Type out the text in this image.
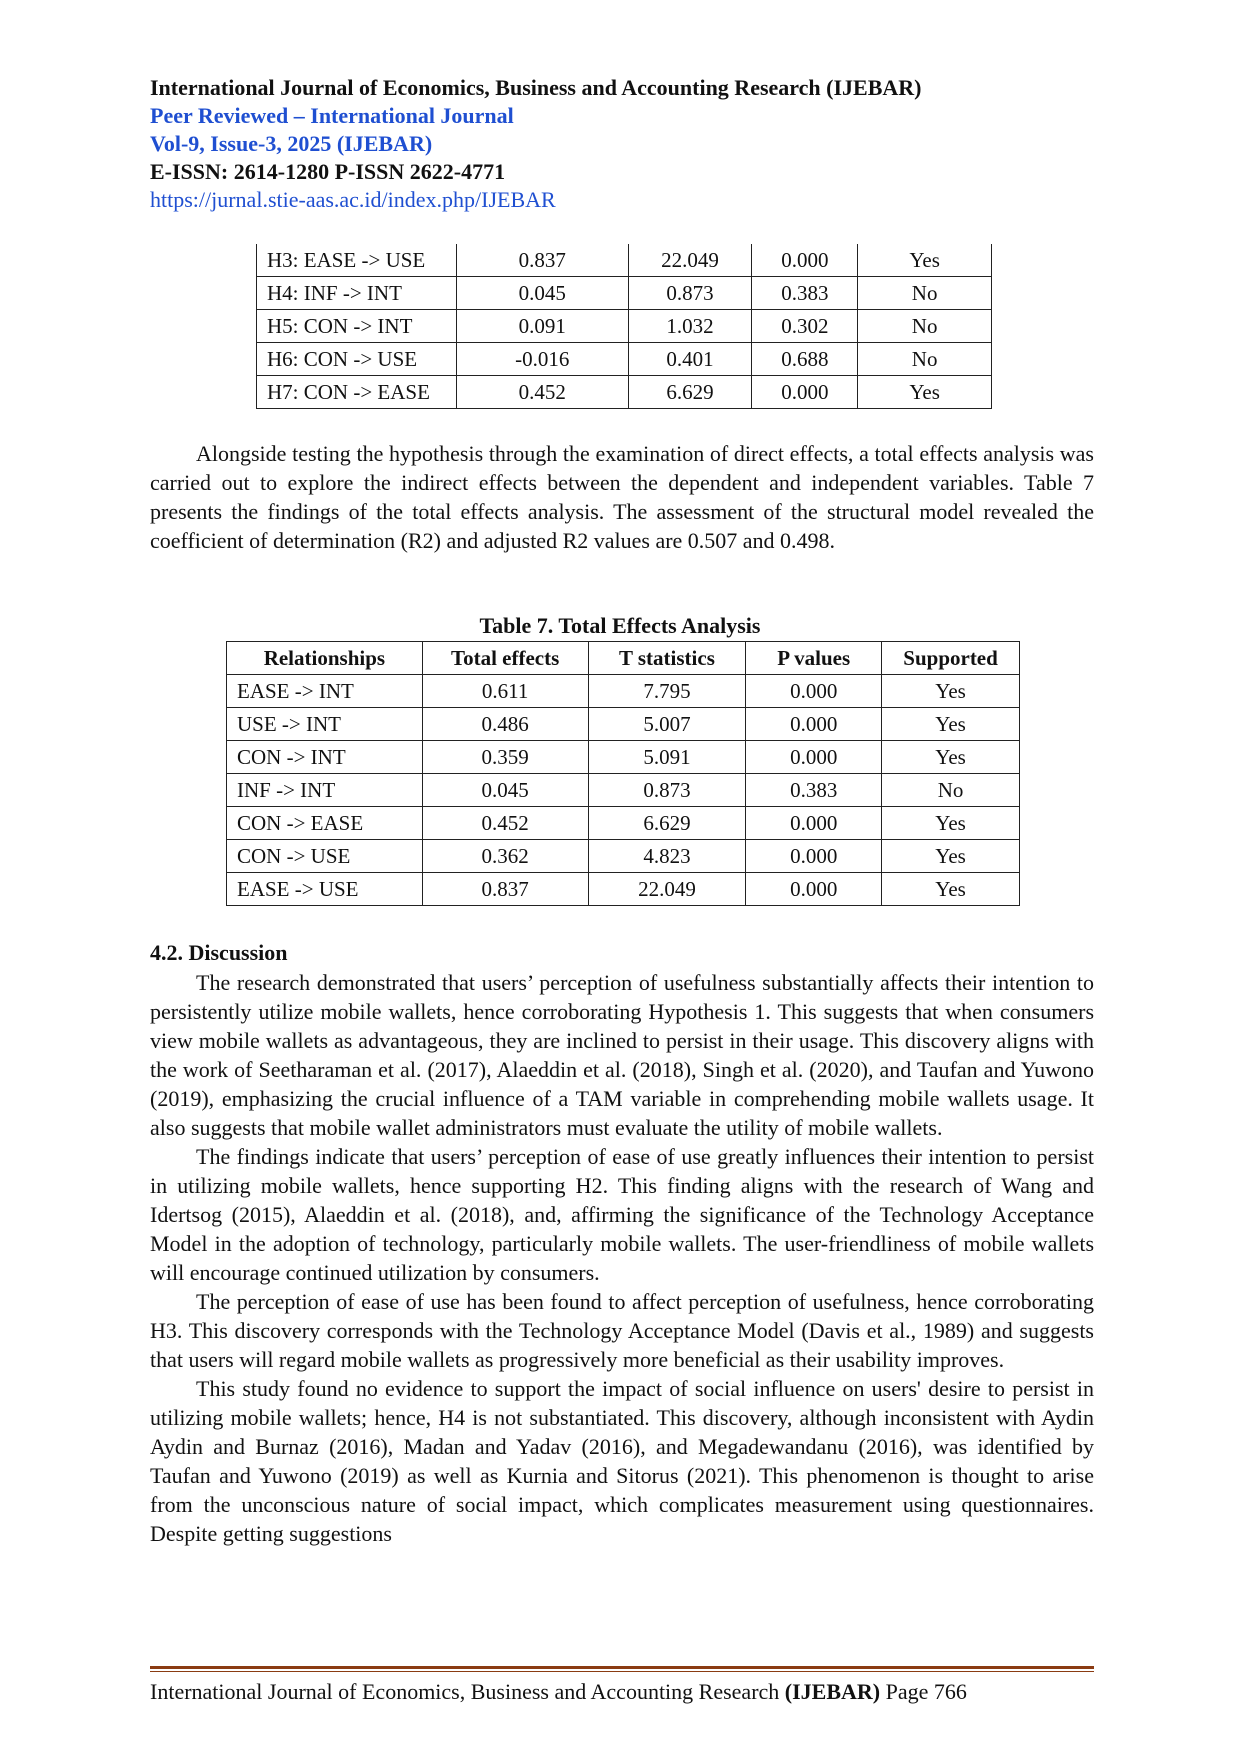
International Journal of Economics, Business and Accounting Research (IJEBAR)
Peer Reviewed – International Journal
Vol-9, Issue-3, 2025 (IJEBAR)
E-ISSN: 2614-1280 P-ISSN 2622-4771
https://jurnal.stie-aas.ac.id/index.php/IJEBAR
H3: EASE -> USE	0.837	22.049	0.000	Yes
H4: INF -> INT	0.045	0.873	0.383	No
H5: CON -> INT	0.091	1.032	0.302	No
H6: CON -> USE	-0.016	0.401	0.688	No
H7: CON -> EASE	0.452	6.629	0.000	Yes

Alongside testing the hypothesis through the examination of direct effects, a total effects analysis was carried out to explore the indirect effects between the dependent and independent variables. Table 7 presents the findings of the total effects analysis. The assessment of the structural model revealed the coefficient of determination (R2) and adjusted R2 values are 0.507 and 0.498.

Table 7. Total Effects Analysis
Relationships	Total effects	T statistics	P values	Supported
EASE -> INT	0.611	7.795	0.000	Yes
USE -> INT	0.486	5.007	0.000	Yes
CON -> INT	0.359	5.091	0.000	Yes
INF -> INT	0.045	0.873	0.383	No
CON -> EASE	0.452	6.629	0.000	Yes
CON -> USE	0.362	4.823	0.000	Yes
EASE -> USE	0.837	22.049	0.000	Yes
4.2. Discussion

The research demonstrated that users’ perception of usefulness substantially affects their intention to persistently utilize mobile wallets, hence corroborating Hypothesis 1. This suggests that when consumers view mobile wallets as advantageous, they are inclined to persist in their usage. This discovery aligns with the work of Seetharaman et al. (2017), Alaeddin et al. (2018), Singh et al. (2020), and Taufan and Yuwono (2019), emphasizing the crucial influence of a TAM variable in comprehending mobile wallets usage. It also suggests that mobile wallet administrators must evaluate the utility of mobile wallets.

The findings indicate that users’ perception of ease of use greatly influences their intention to persist in utilizing mobile wallets, hence supporting H2. This finding aligns with the research of Wang and Idertsog (2015), Alaeddin et al. (2018), and, affirming the significance of the Technology Acceptance Model in the adoption of technology, particularly mobile wallets. The user-friendliness of mobile wallets will encourage continued utilization by consumers.

The perception of ease of use has been found to affect perception of usefulness, hence corroborating H3. This discovery corresponds with the Technology Acceptance Model (Davis et al., 1989) and suggests that users will regard mobile wallets as progressively more beneficial as their usability improves.

This study found no evidence to support the impact of social influence on users' desire to persist in utilizing mobile wallets; hence, H4 is not substantiated. This discovery, although inconsistent with Aydin Aydin and Burnaz (2016), Madan and Yadav (2016), and Megadewandanu (2016), was identified by Taufan and Yuwono (2019) as well as Kurnia and Sitorus (2021). This phenomenon is thought to arise from the unconscious nature of social impact, which complicates measurement using questionnaires. Despite getting suggestions

International Journal of Economics, Business and Accounting Research (IJEBAR) Page 766
